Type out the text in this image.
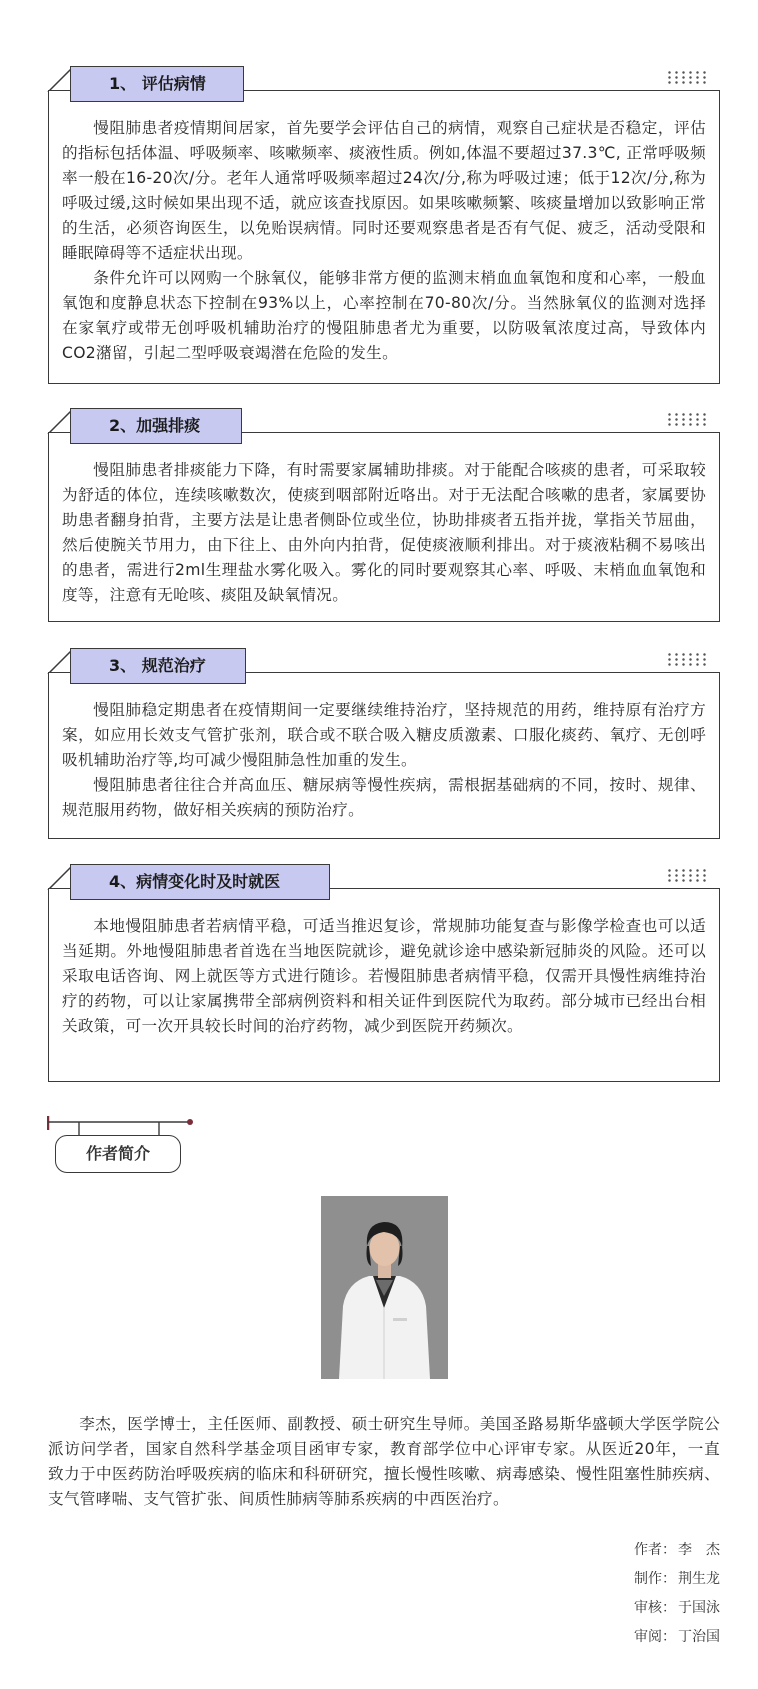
慢阻肺患者疫情期间居家，首先要学会评估自己的病情，观察自己症状是否稳定，评估的指标包括体温、呼吸频率、咳嗽频率、痰液性质。例如,体温不要超过37.3℃, 正常呼吸频率一般在16-20次/分。老年人通常呼吸频率超过24次/分,称为呼吸过速；低于12次/分,称为呼吸过缓,这时候如果出现不适，就应该查找原因。如果咳嗽频繁、咳痰量增加以致影响正常的生活，必须咨询医生，以免贻误病情。同时还要观察患者是否有气促、疲乏，活动受限和睡眠障碍等不适症状出现。

条件允许可以网购一个脉氧仪，能够非常方便的监测末梢血血氧饱和度和心率，一般血氧饱和度静息状态下控制在93%以上，心率控制在70-80次/分。当然脉氧仪的监测对选择在家氧疗或带无创呼吸机辅助治疗的慢阻肺患者尤为重要，以防吸氧浓度过高，导致体内CO2潴留，引起二型呼吸衰竭潜在危险的发生。

1、 评估病情

慢阻肺患者排痰能力下降，有时需要家属辅助排痰。对于能配合咳痰的患者，可采取较为舒适的体位，连续咳嗽数次，使痰到咽部附近咯出。对于无法配合咳嗽的患者，家属要协助患者翻身拍背，主要方法是让患者侧卧位或坐位，协助排痰者五指并拢，掌指关节屈曲，然后使腕关节用力，由下往上、由外向内拍背，促使痰液顺利排出。对于痰液粘稠不易咳出的患者，需进行2ml生理盐水雾化吸入。雾化的同时要观察其心率、呼吸、末梢血血氧饱和度等，注意有无呛咳、痰阻及缺氧情况。

2、加强排痰

慢阻肺稳定期患者在疫情期间一定要继续维持治疗，坚持规范的用药，维持原有治疗方案，如应用长效支气管扩张剂，联合或不联合吸入糖皮质激素、口服化痰药、氧疗、无创呼吸机辅助治疗等,均可减少慢阻肺急性加重的发生。

慢阻肺患者往往合并高血压、糖尿病等慢性疾病，需根据基础病的不同，按时、规律、规范服用药物，做好相关疾病的预防治疗。

3、 规范治疗

本地慢阻肺患者若病情平稳，可适当推迟复诊，常规肺功能复查与影像学检查也可以适当延期。外地慢阻肺患者首选在当地医院就诊，避免就诊途中感染新冠肺炎的风险。还可以采取电话咨询、网上就医等方式进行随诊。若慢阻肺患者病情平稳，仅需开具慢性病维持治疗的药物，可以让家属携带全部病例资料和相关证件到医院代为取药。部分城市已经出台相关政策，可一次开具较长时间的治疗药物，减少到医院开药频次。

4、病情变化时及时就医
作者简介

李杰，医学博士，主任医师、副教授、硕士研究生导师。美国圣路易斯华盛顿大学医学院公派访问学者，国家自然科学基金项目函审专家，教育部学位中心评审专家。从医近20年，一直致力于中医药防治呼吸疾病的临床和科研研究，擅长慢性咳嗽、病毒感染、慢性阻塞性肺疾病、支气管哮喘、支气管扩张、间质性肺病等肺系疾病的中西医治疗。

作者： 李　杰
制作： 荆生龙
审核： 于国泳
审阅： 丁治国
